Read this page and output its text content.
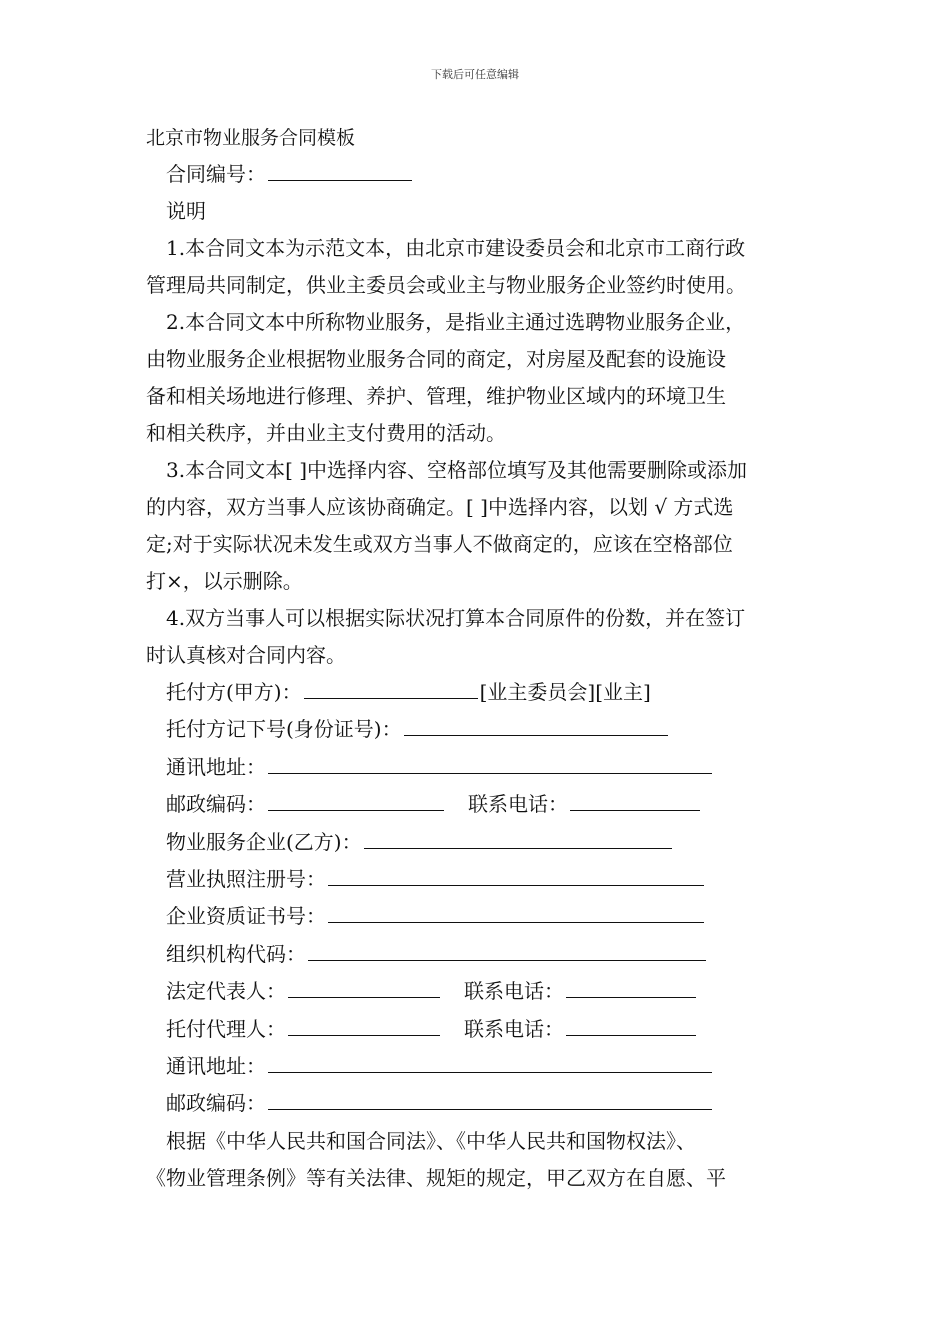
下载后可任意编辑
北京市物业服务合同模板
合同编号：
说明
1.本合同文本为示范文本，由北京市建设委员会和北京市工商行政
管理局共同制定，供业主委员会或业主与物业服务企业签约时使用。
2.本合同文本中所称物业服务，是指业主通过选聘物业服务企业，
由物业服务企业根据物业服务合同的商定，对房屋及配套的设施设
备和相关场地进行修理、养护、管理，维护物业区域内的环境卫生
和相关秩序，并由业主支付费用的活动。
3.本合同文本[ ]中选择内容、空格部位填写及其他需要删除或添加
的内容，双方当事人应该协商确定。[ ]中选择内容，以划 √ 方式选
定;对于实际状况未发生或双方当事人不做商定的，应该在空格部位
打×，以示删除。
4.双方当事人可以根据实际状况打算本合同原件的份数，并在签订
时认真核对合同内容。
托付方(甲方)：	[业主委员会][业主]
托付方记下号(身份证号)：
通讯地址：
邮政编码：	联系电话：
物业服务企业(乙方)：
营业执照注册号：
企业资质证书号：
组织机构代码：
法定代表人：	联系电话：
托付代理人：	联系电话：
通讯地址：
邮政编码：
根据《中华人民共和国合同法》、《中华人民共和国物权法》、
《物业管理条例》等有关法律、规矩的规定，甲乙双方在自愿、平
